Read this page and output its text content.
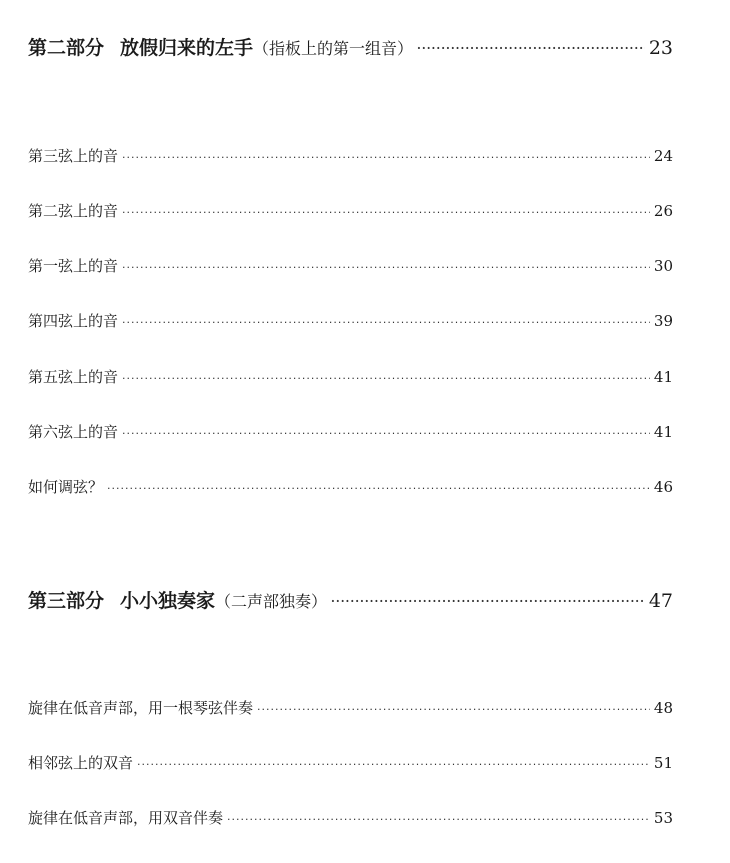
第二部分 放假归来的左手 （指板上的第一组音） ·····	23
第三弦上的音 ·····	24
第二弦上的音 ·····	26
第一弦上的音 ·····	30
第四弦上的音 ·····	39
第五弦上的音 ·····	41
第六弦上的音 ·····	41
如何调弦？ ·····	46
第三部分 小小独奏家 （二声部独奏） ·····	47
旋律在低音声部，用一根琴弦伴奏 ·····	48
相邻弦上的双音 ·····	51
旋律在低音声部，用双音伴奏 ·····	53
